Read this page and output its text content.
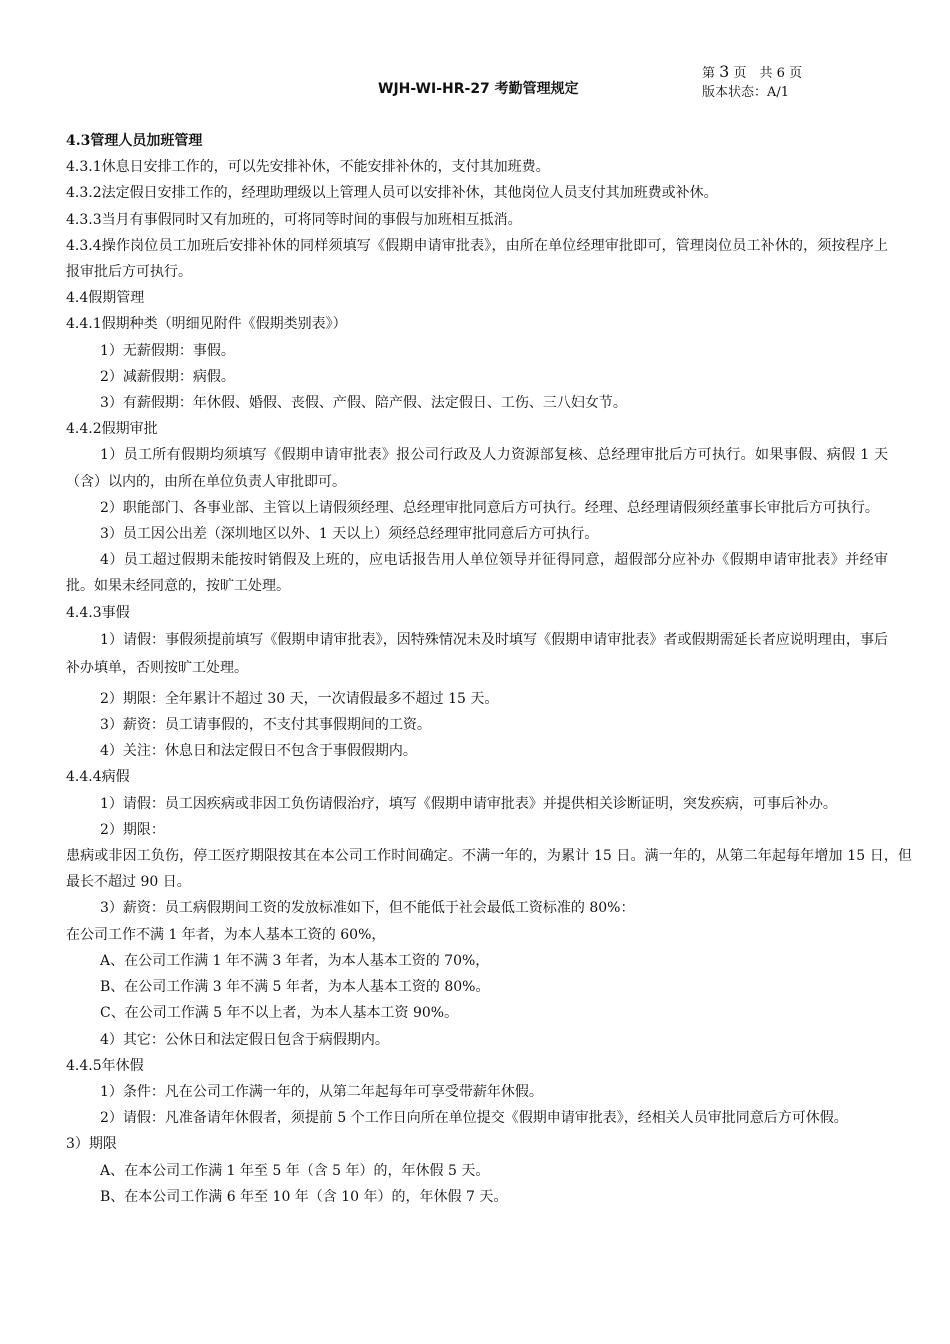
WJH-WI-HR-27 考勤管理规定
第 3 页　共 6 页
版本状态：A/1
4.3管理人员加班管理
4.3.1休息日安排工作的，可以先安排补休，不能安排补休的，支付其加班费。
4.3.2法定假日安排工作的，经理助理级以上管理人员可以安排补休，其他岗位人员支付其加班费或补休。
4.3.3当月有事假同时又有加班的，可将同等时间的事假与加班相互抵消。
4.3.4操作岗位员工加班后安排补休的同样须填写《假期申请审批表》，由所在单位经理审批即可，管理岗位员工补休的，须按程序上报审批后方可执行。
4.4假期管理
4.4.1假期种类（明细见附件《假期类别表》）
1）无薪假期：事假。
2）减薪假期：病假。
3）有薪假期：年休假、婚假、丧假、产假、陪产假、法定假日、工伤、三八妇女节。
4.4.2假期审批
1）员工所有假期均须填写《假期申请审批表》报公司行政及人力资源部复核、总经理审批后方可执行。如果事假、病假 1 天（含）以内的，由所在单位负责人审批即可。
2）职能部门、各事业部、主管以上请假须经理、总经理审批同意后方可执行。经理、总经理请假须经董事长审批后方可执行。
3）员工因公出差（深圳地区以外、1 天以上）须经总经理审批同意后方可执行。
4）员工超过假期未能按时销假及上班的，应电话报告用人单位领导并征得同意，超假部分应补办《假期申请审批表》并经审批。如果未经同意的，按旷工处理。
4.4.3事假
1）请假：事假须提前填写《假期申请审批表》，因特殊情况未及时填写《假期申请审批表》者或假期需延长者应说明理由，事后补办填单，否则按旷工处理。
2）期限：全年累计不超过 30 天，一次请假最多不超过 15 天。
3）薪资：员工请事假的，不支付其事假期间的工资。
4）关注：休息日和法定假日不包含于事假假期内。
4.4.4病假
1）请假：员工因疾病或非因工负伤请假治疗，填写《假期申请审批表》并提供相关诊断证明，突发疾病，可事后补办。
2）期限：
患病或非因工负伤，停工医疗期限按其在本公司工作时间确定。不满一年的，为累计 15 日。满一年的，从第二年起每年增加 15 日，但最长不超过 90 日。
3）薪资：员工病假期间工资的发放标准如下，但不能低于社会最低工资标准的 80%：
在公司工作不满 1 年者，为本人基本工资的 60%，
A、在公司工作满 1 年不满 3 年者，为本人基本工资的 70%，
B、在公司工作满 3 年不满 5 年者，为本人基本工资的 80%。
C、在公司工作满 5 年不以上者，为本人基本工资 90%。
4）其它：公休日和法定假日包含于病假期内。
4.4.5年休假
1）条件：凡在公司工作满一年的，从第二年起每年可享受带薪年休假。
2）请假：凡准备请年休假者，须提前 5 个工作日向所在单位提交《假期申请审批表》，经相关人员审批同意后方可休假。
3）期限
A、在本公司工作满 1 年至 5 年（含 5 年）的，年休假 5 天。
B、在本公司工作满 6 年至 10 年（含 10 年）的，年休假 7 天。
